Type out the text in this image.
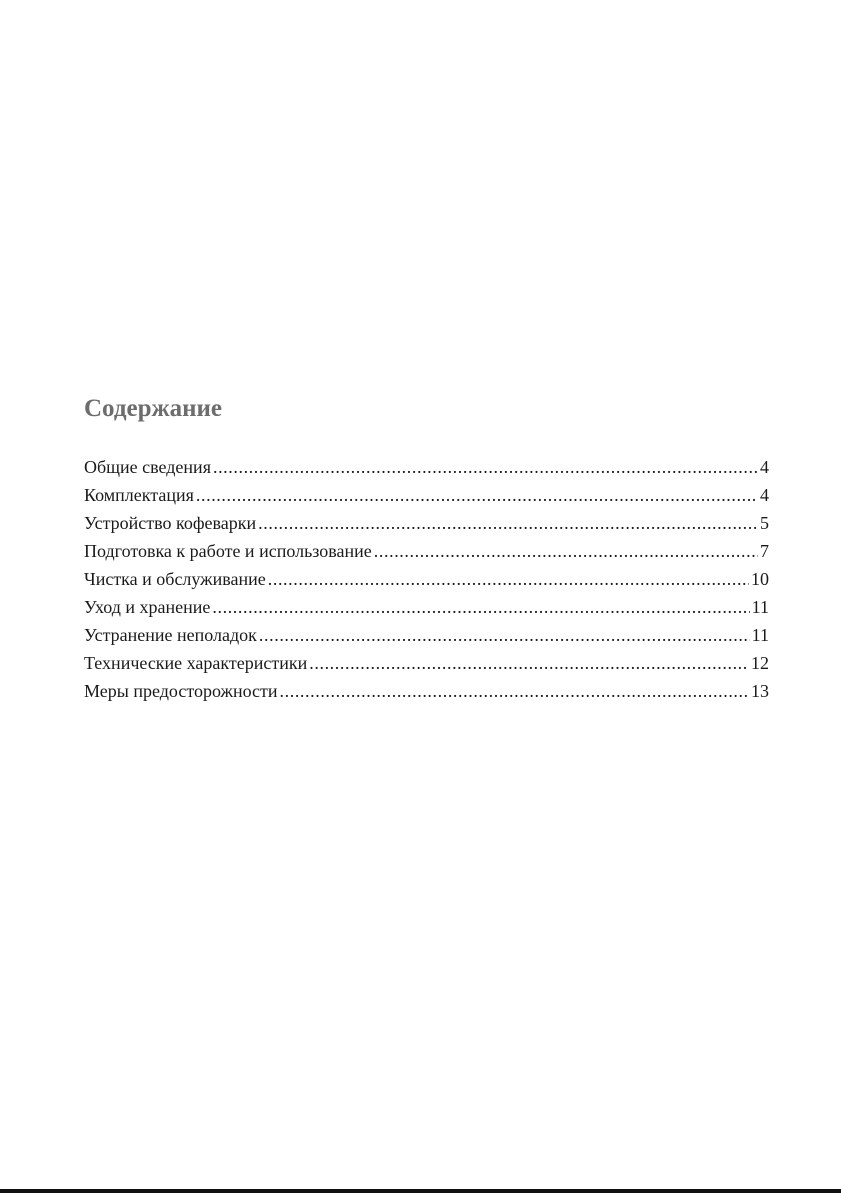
Содержание
Общие сведения .....	4
Комплектация .....	4
Устройство кофеварки .....	5
Подготовка к работе и использование .....	7
Чистка и обслуживание .....	10
Уход и хранение .....	11
Устранение неполадок .....	11
Технические характеристики .....	12
Меры предосторожности .....	13
